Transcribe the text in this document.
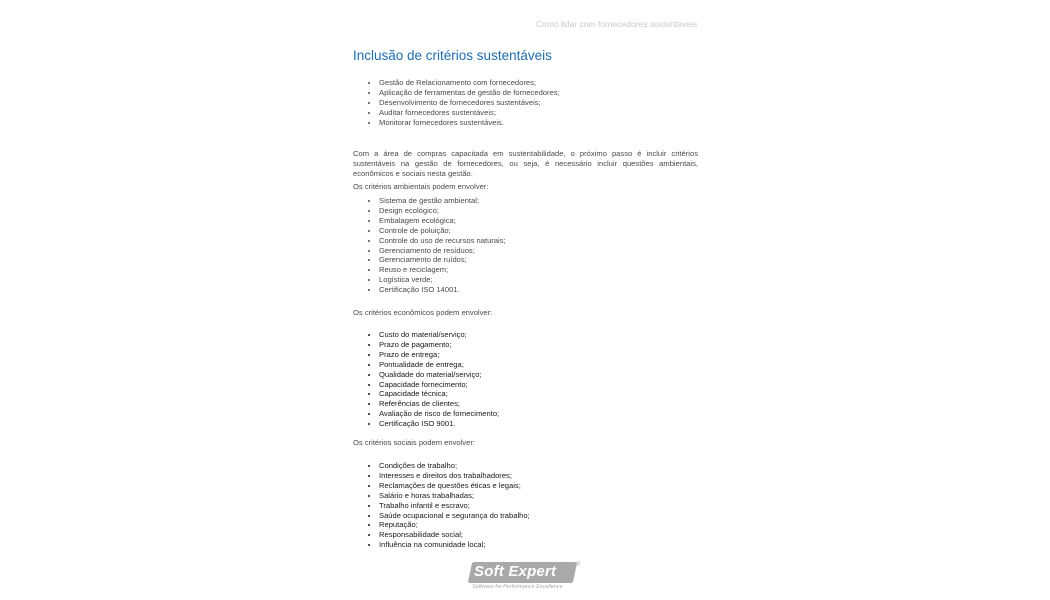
Como lidar com fornecedores sustentáveis
Inclusão de critérios sustentáveis
• Gestão de Relacionamento com fornecedores;
• Aplicação de ferramentas de gestão de fornecedores;
• Desenvolvimento de fornecedores sustentáveis;
• Auditar fornecedores sustentáveis;
• Monitorar fornecedores sustentáveis.

Com a área de compras capacitada em sustentabilidade, o próximo passo é incluir critérios sustentáveis na gestão de fornecedores, ou seja, é necessário incluir questões ambientais, econômicos e sociais nesta gestão.

Os critérios ambientais podem envolver:

• Sistema de gestão ambiental;
• Design ecológico;
• Embalagem ecológica;
• Controle de poluição;
• Controle do uso de recursos naturais;
• Gerenciamento de resíduos;
• Gerenciamento de ruídos;
• Reuso e reciclagem;
• Logística verde;
• Certificação ISO 14001.

Os critérios econômicos podem envolver:

• Custo do material/serviço;
• Prazo de pagamento;
• Prazo de entrega;
• Pontualidade de entrega;
• Qualidade do material/serviço;
• Capacidade fornecimento;
• Capacidade técnica;
• Referências de clientes;
• Avaliação de risco de fornecimento;
• Certificação ISO 9001.

Os critérios sociais podem envolver:

• Condições de trabalho;
• Interesses e direitos dos trabalhadores;
• Reclamações de questões éticas e legais;
• Salário e horas trabalhadas;
• Trabalho infantil e escravo;
• Saúde ocupacional e segurança do trabalho;
• Reputação;
• Responsabilidade social;
• Influência na comunidade local;
Soft Expert	®
Software for Performance Excellence
